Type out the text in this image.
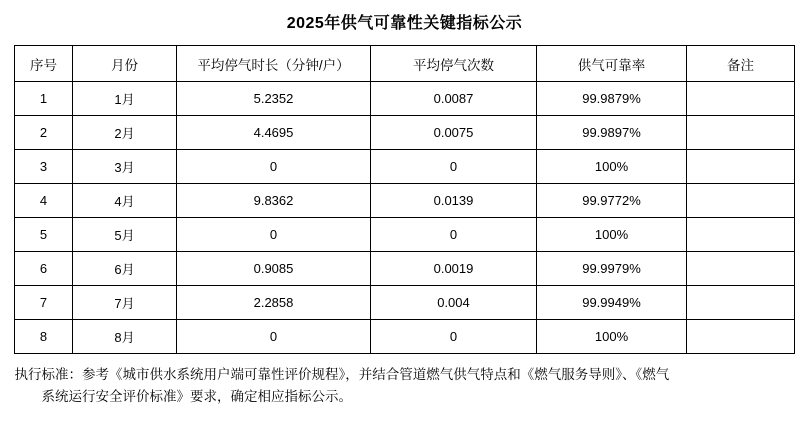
2025年供气可靠性关键指标公示
序号	月份	平均停气时长（分钟/户）	平均停气次数	供气可靠率	备注
1	1月	5.2352	0.0087	99.9879%	
2	2月	4.4695	0.0075	99.9897%	
3	3月	0	0	100%	
4	4月	9.8362	0.0139	99.9772%	
5	5月	0	0	100%	
6	6月	0.9085	0.0019	99.9979%	
7	7月	2.2858	0.004	99.9949%	
8	8月	0	0	100%	
执行标准：参考《城市供水系统用户端可靠性评价规程》，并结合管道燃气供气特点和《燃气服务导则》、《燃气
系统运行安全评价标准》要求，确定相应指标公示。
